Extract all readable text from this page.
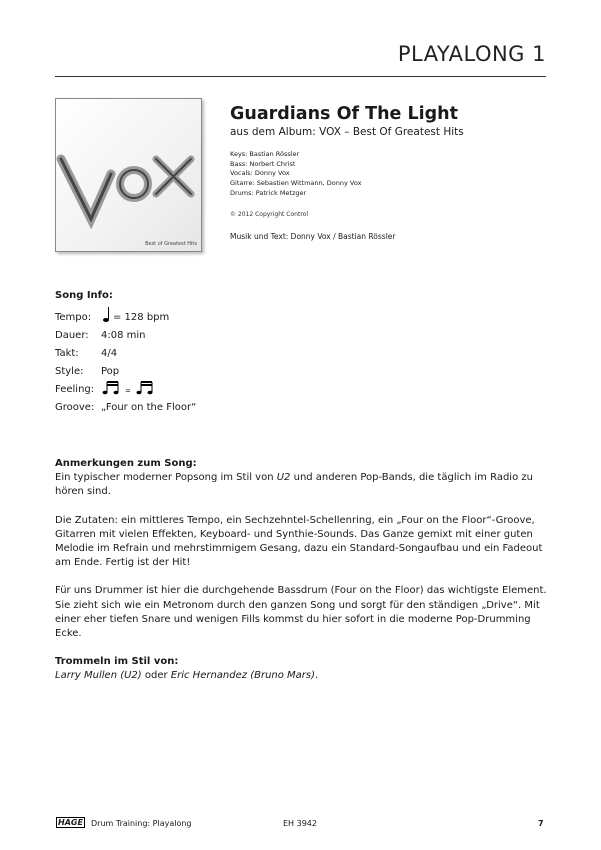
PLAYALONG 1
Best of Greatest Hits
Guardians Of The Light
aus dem Album: VOX – Best Of Greatest Hits
Keys: Bastian Rössler
Bass: Norbert Christ
Vocals: Donny Vox
Gitarre: Sebastien Wittmann, Donny Vox
Drums: Patrick Metzger
© 2012 Copyright Control
Musik und Text: Donny Vox / Bastian Rössler
Song Info:
Tempo:	= 128 bpm
Dauer:	4:08 min
Takt:	4/4
Style:	Pop
Feeling:	=
Groove: „Four on the Floor“
Anmerkungen zum Song:
Ein typischer moderner Popsong im Stil von U2 und anderen Pop-Bands, die täglich im Radio zu hören sind.
Die Zutaten: ein mittleres Tempo, ein Sechzehntel-Schellenring, ein „Four on the Floor“-Groove, Gitarren mit vielen Effekten, Keyboard- und Synthie-Sounds. Das Ganze gemixt mit einer guten Melodie im Refrain und mehrstimmigem Gesang, dazu ein Standard-Songaufbau und ein Fadeout am Ende. Fertig ist der Hit!
Für uns Drummer ist hier die durchgehende Bassdrum (Four on the Floor) das wichtigste Element. Sie zieht sich wie ein Metronom durch den ganzen Song und sorgt für den ständigen „Drive“. Mit einer eher tiefen Snare und wenigen Fills kommst du hier sofort in die moderne Pop-Drumming Ecke.
Trommeln im Stil von:
Larry Mullen (U2) oder Eric Hernandez (Bruno Mars).
HAGE Drum Training: Playalong	EH 3942	7
